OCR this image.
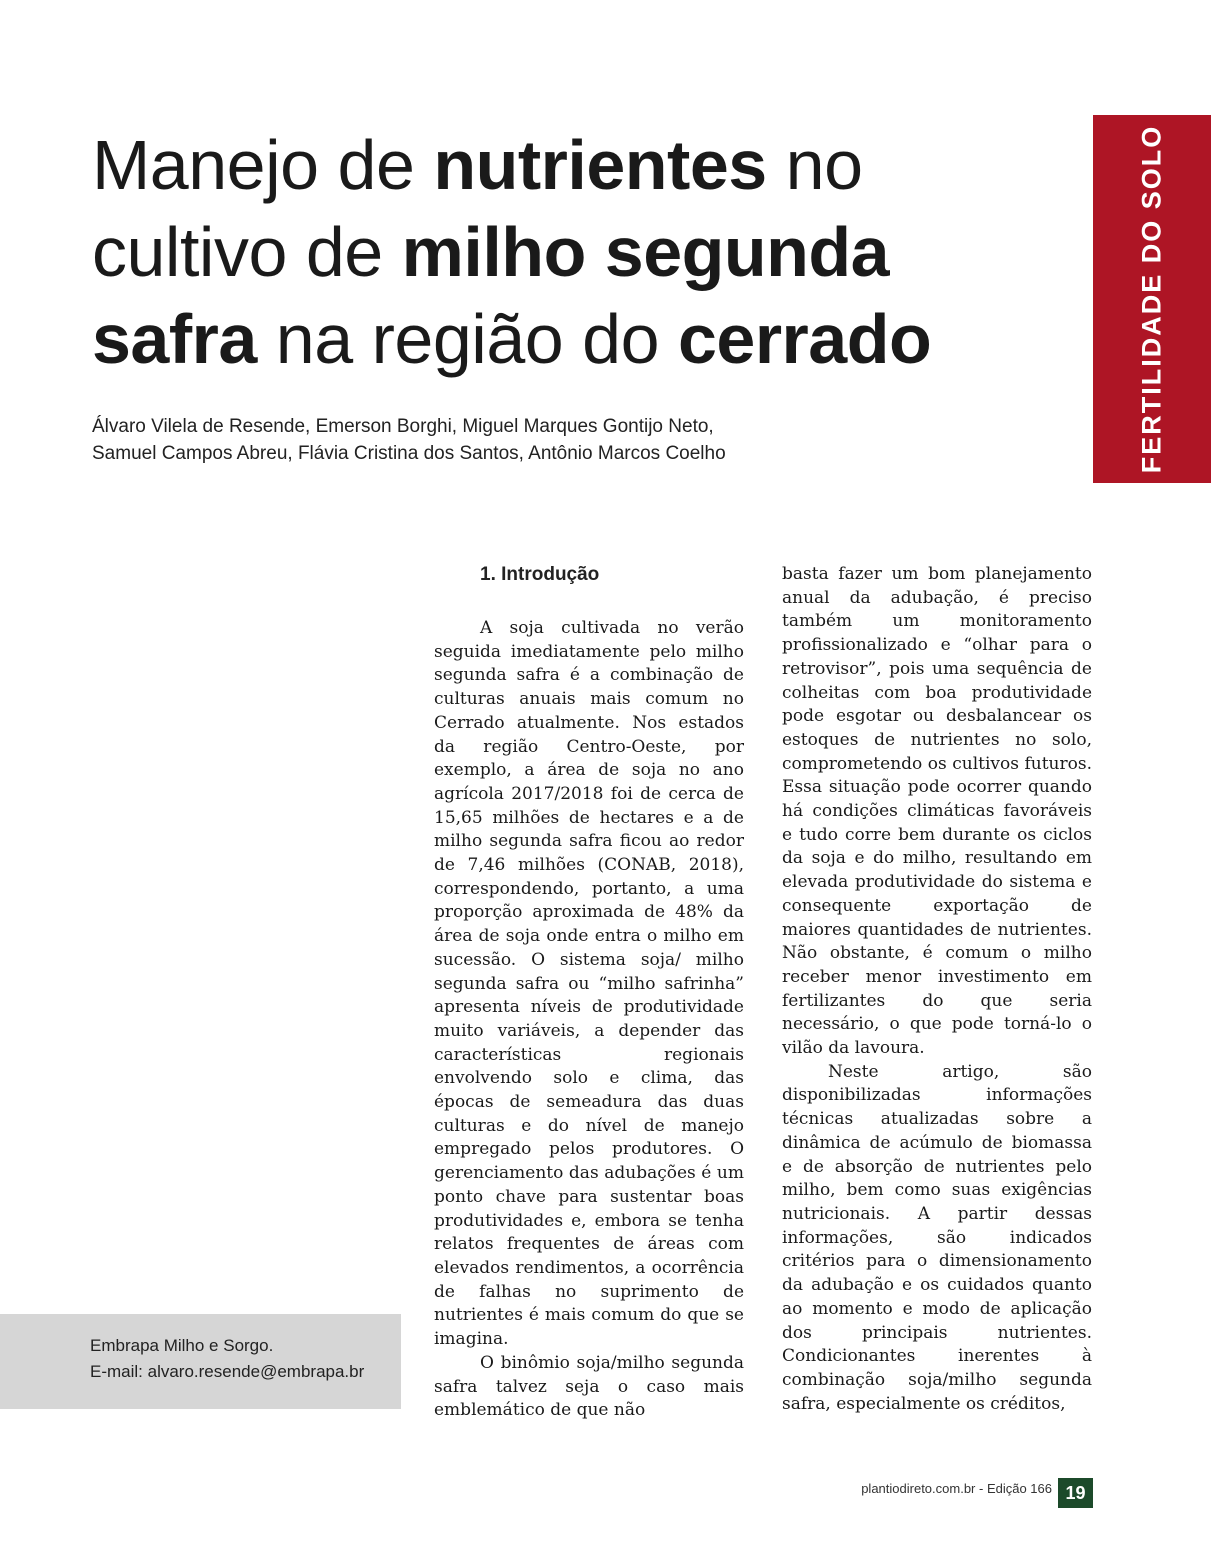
Manejo de nutrientes no cultivo de milho segunda safra na região do cerrado	FERTILIDADE DO SOLO
Álvaro Vilela de Resende, Emerson Borghi, Miguel Marques Gontijo Neto,
Samuel Campos Abreu, Flávia Cristina dos Santos, Antônio Marcos Coelho
Embrapa Milho e Sorgo.
E-mail: alvaro.resende@embrapa.br

1. Introdução

A soja cultivada no verão seguida imediatamente pelo milho segunda safra é a combinação de culturas anuais mais comum no Cerrado atualmente. Nos estados da região Centro-Oeste, por exemplo, a área de soja no ano agrícola 2017/2018 foi de cerca de 15,65 milhões de hectares e a de milho segunda safra ficou ao redor de 7,46 milhões (CONAB, 2018), correspondendo, portanto, a uma proporção aproximada de 48% da área de soja onde entra o milho em sucessão. O sistema soja/ milho segunda safra ou “milho safrinha” apresenta níveis de produtividade muito variáveis, a depender das características regionais envolvendo solo e clima, das épocas de semeadura das duas culturas e do nível de manejo empregado pelos produtores. O gerenciamento das adubações é um ponto chave para sustentar boas produtividades e, embora se tenha relatos frequentes de áreas com elevados rendimentos, a ocorrência de falhas no suprimento de nutrientes é mais comum do que se imagina.

O binômio soja/milho segunda safra talvez seja o caso mais emblemático de que não

basta fazer um bom planejamento anual da adubação, é preciso também um monitoramento profissionalizado e “olhar para o retrovisor”, pois uma sequência de colheitas com boa produtividade pode esgotar ou desbalancear os estoques de nutrientes no solo, comprometendo os cultivos futuros. Essa situação pode ocorrer quando há condições climáticas favoráveis e tudo corre bem durante os ciclos da soja e do milho, resultando em elevada produtividade do sistema e consequente exportação de maiores quantidades de nutrientes. Não obstante, é comum o milho receber menor investimento em fertilizantes do que seria necessário, o que pode torná-lo o vilão da lavoura.

Neste artigo, são disponibilizadas informações técnicas atualizadas sobre a dinâmica de acúmulo de biomassa e de absorção de nutrientes pelo milho, bem como suas exigências nutricionais. A partir dessas informações, são indicados critérios para o dimensionamento da adubação e os cuidados quanto ao momento e modo de aplicação dos principais nutrientes. Condicionantes inerentes à combinação soja/milho segunda safra, especialmente os créditos,

plantiodireto.com.br - Edição 166 19
